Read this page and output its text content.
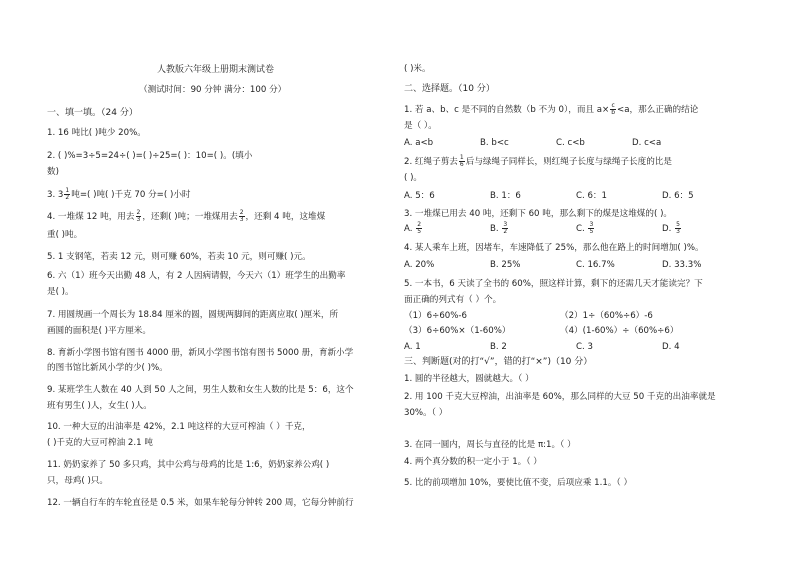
人教版六年级上册期末测试卷
（测试时间：90 分钟 满分：100 分）
一、填一填。（24 分）
1. 16 吨比( )吨少 20%。
2. ( )%=3÷5=24÷( )=( )÷25=( )：10=( )。(填小
数)
3. $3 \frac{1}{2}$ 吨=( )吨( )千克 70 分=( )小时
4. 一堆煤 12 吨，用去 $\frac{2}{3}$ ，还剩( )吨；一堆煤用去 $\frac{2}{3}$ ，还剩 4 吨，这堆煤
重( )吨。
5. 1 支钢笔，若卖 12 元，则可赚 60%，若卖 10 元，则可赚( )元。
6. 六（1）班今天出勤 48 人，有 2 人因病请假，今天六（1）班学生的出勤率
是( )。
7. 用圆规画一个周长为 18.84 厘米的圆，圆规两脚间的距离应取( )厘米，所
画圆的面积是( )平方厘米。
8. 育新小学图书馆有图书 4000 册，新风小学图书馆有图书 5000 册，育新小学
的图书馆比新风小学的少( )%。
9. 某班学生人数在 40 人到 50 人之间，男生人数和女生人数的比是 5：6，这个
班有男生( )人，女生( )人。
10. 一种大豆的出油率是 42%，2.1 吨这样的大豆可榨油（ ）千克，
( )千克的大豆可榨油 2.1 吨
11. 奶奶家养了 50 多只鸡，其中公鸡与母鸡的比是 1:6，奶奶家养公鸡( )
只，母鸡( )只。
12. 一辆自行车的车轮直径是 0.5 米，如果车轮每分钟转 200 周，它每分钟前行
( )米。
二、选择题。（10 分）
1. 若 a、b、c 是不同的自然数（b 不为 0），而且 $a\times \frac{c}{b} <a$，那么正确的结论
是（ ）。
A. a<b	B. b<c	C. c<b	D. c<a
2. 红绳子剪去 $\frac{1}{6}$ 后与绿绳子同样长，则红绳子长度与绿绳子长度的比是
( )。
A. 5：6	B. 1：6	C. 6：1	D. 6：5
3. 一堆煤已用去 40 吨，还剩下 60 吨，那么剩下的煤是这堆煤的( )。
A. $\frac{2}{5}$	B. $\frac{3}{2}$	C. $\frac{3}{5}$	D. $\frac{5}{3}$
4. 某人乘车上班，因堵车，车速降低了 25%，那么他在路上的时间增加( )%。
A. 20%	B. 25%	C. 16.7%	D. 33.3%
5. 一本书，6 天读了全书的 60%，照这样计算，剩下的还需几天才能读完？下
面正确的列式有（ ）个。
（1）6÷60%-6	（2）1÷（60%÷6）-6
（3）6÷60%×（1-60%）	（4）(1-60%）÷（60%÷6）
A. 1	B. 2	C. 3	D. 4
三、判断题(对的打“√”，错的打“×”)（10 分）
1. 圆的半径越大，圆就越大。（ ）
2. 用 100 千克大豆榨油，出油率是 60%，那么同样的大豆 50 千克的出油率就是
30%。（ ）
3. 在同一圆内，周长与直径的比是 π:1。（ ）
4. 两个真分数的积一定小于 1。（ ）
5. 比的前项增加 10%，要使比值不变，后项应乘 1.1。（ ）
